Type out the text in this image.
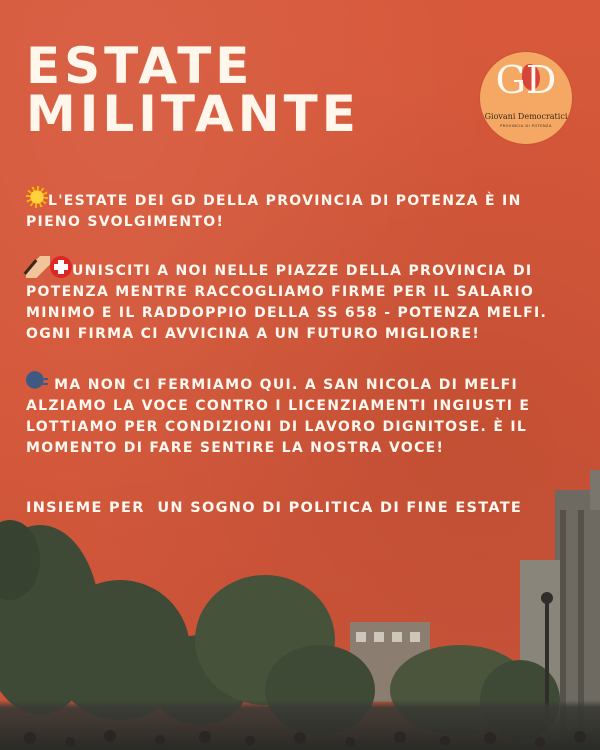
ESTATE
MILITANTE
GD
Giovani Democratici
PROVINCIA DI POTENZA

L'ESTATE DEI GD DELLA PROVINCIA DI POTENZA È IN PIENO SVOLGIMENTO!

UNISCITI A NOI NELLE PIAZZE DELLA PROVINCIA DI POTENZA MENTRE RACCOGLIAMO FIRME PER IL SALARIO MINIMO E IL RADDOPPIO DELLA SS 658 - POTENZA MELFI. OGNI FIRMA CI AVVICINA A UN FUTURO MIGLIORE!

MA NON CI FERMIAMO QUI. A SAN NICOLA DI MELFI ALZIAMO LA VOCE CONTRO I LICENZIAMENTI INGIUSTI E LOTTIAMO PER CONDIZIONI DI LAVORO DIGNITOSE. È IL MOMENTO DI FARE SENTIRE LA NOSTRA VOCE!

INSIEME PER  UN SOGNO DI POLITICA DI FINE ESTATE
